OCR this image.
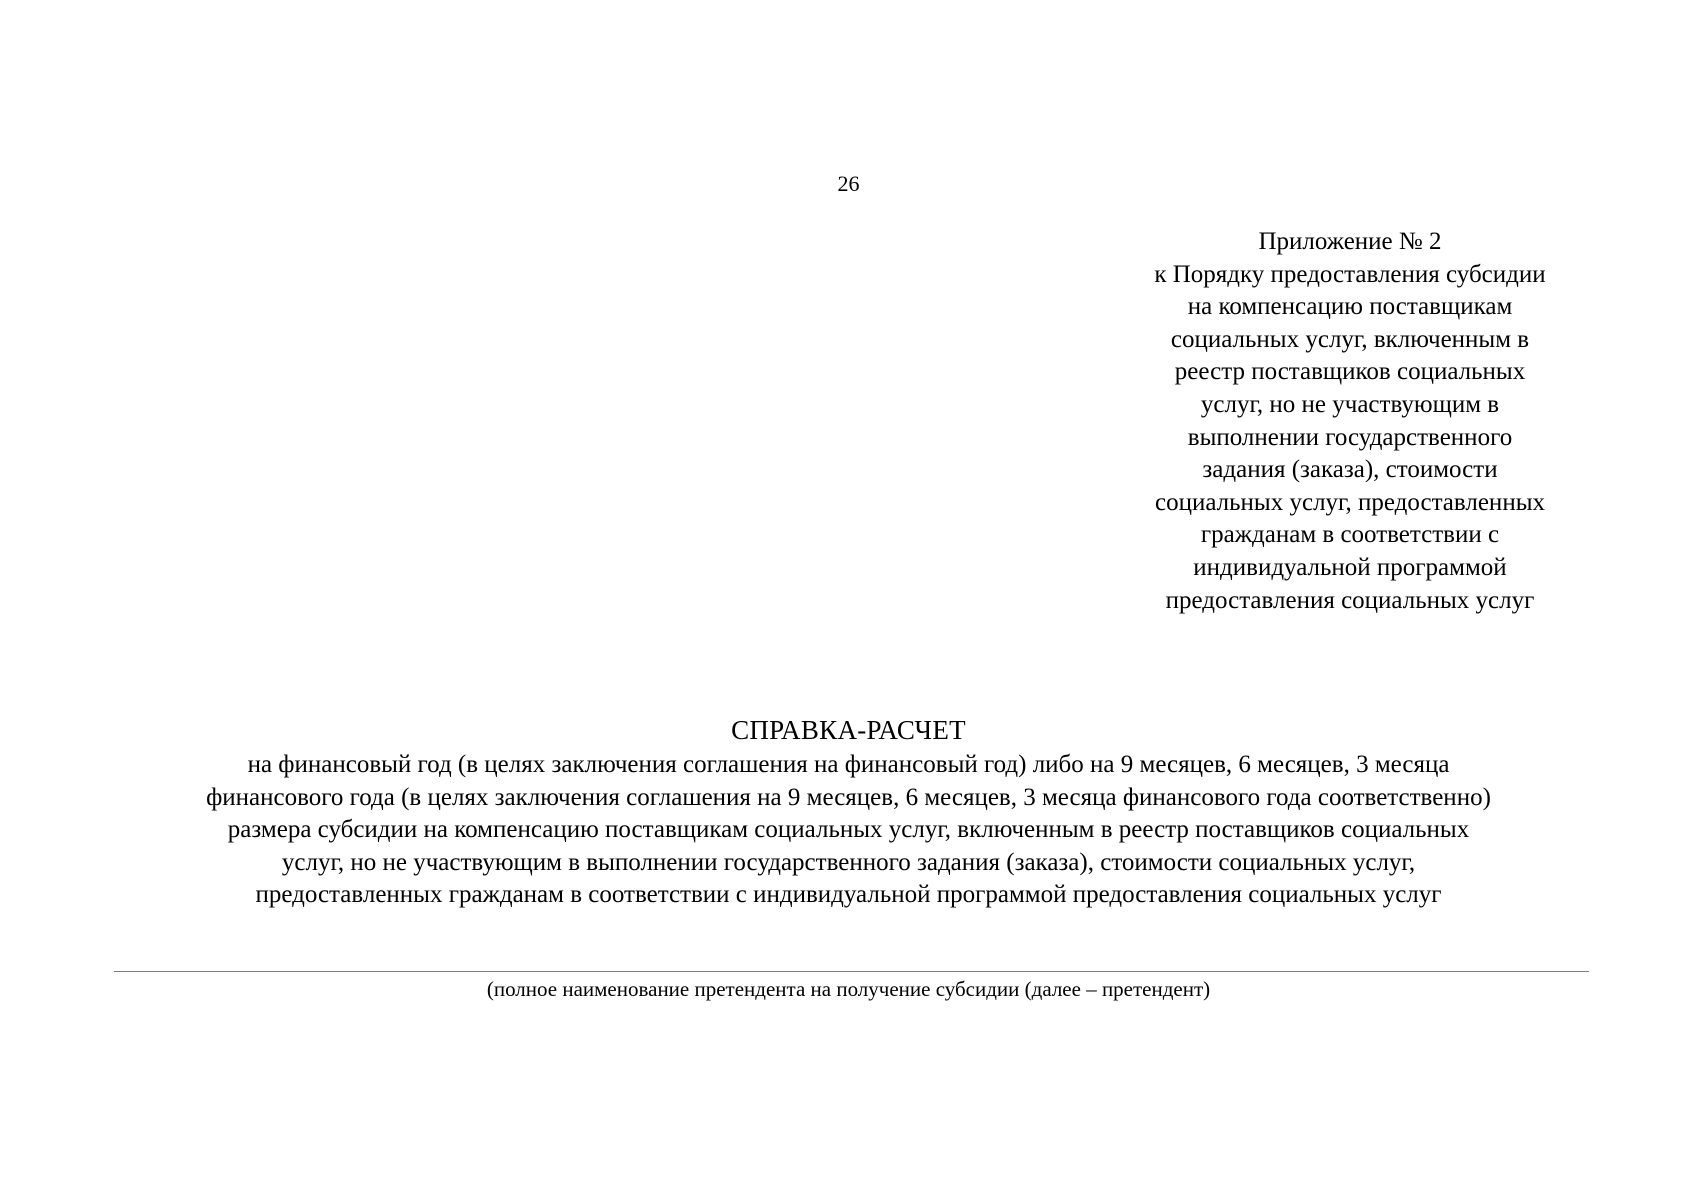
26
Приложение № 2
к Порядку предоставления субсидии
на компенсацию поставщикам
социальных услуг, включенным в
реестр поставщиков социальных
услуг, но не участвующим в
выполнении государственного
задания (заказа), стоимости
социальных услуг, предоставленных
гражданам в соответствии с
индивидуальной программой
предоставления социальных услуг
СПРАВКА-РАСЧЕТ
на финансовый год (в целях заключения соглашения на финансовый год) либо на 9 месяцев, 6 месяцев, 3 месяца
финансового года (в целях заключения соглашения на 9 месяцев, 6 месяцев, 3 месяца финансового года соответственно)
размера субсидии на компенсацию поставщикам социальных услуг, включенным в реестр поставщиков социальных
услуг, но не участвующим в выполнении государственного задания (заказа), стоимости социальных услуг,
предоставленных гражданам в соответствии с индивидуальной программой предоставления социальных услуг
(полное наименование претендента на получение субсидии (далее – претендент)
